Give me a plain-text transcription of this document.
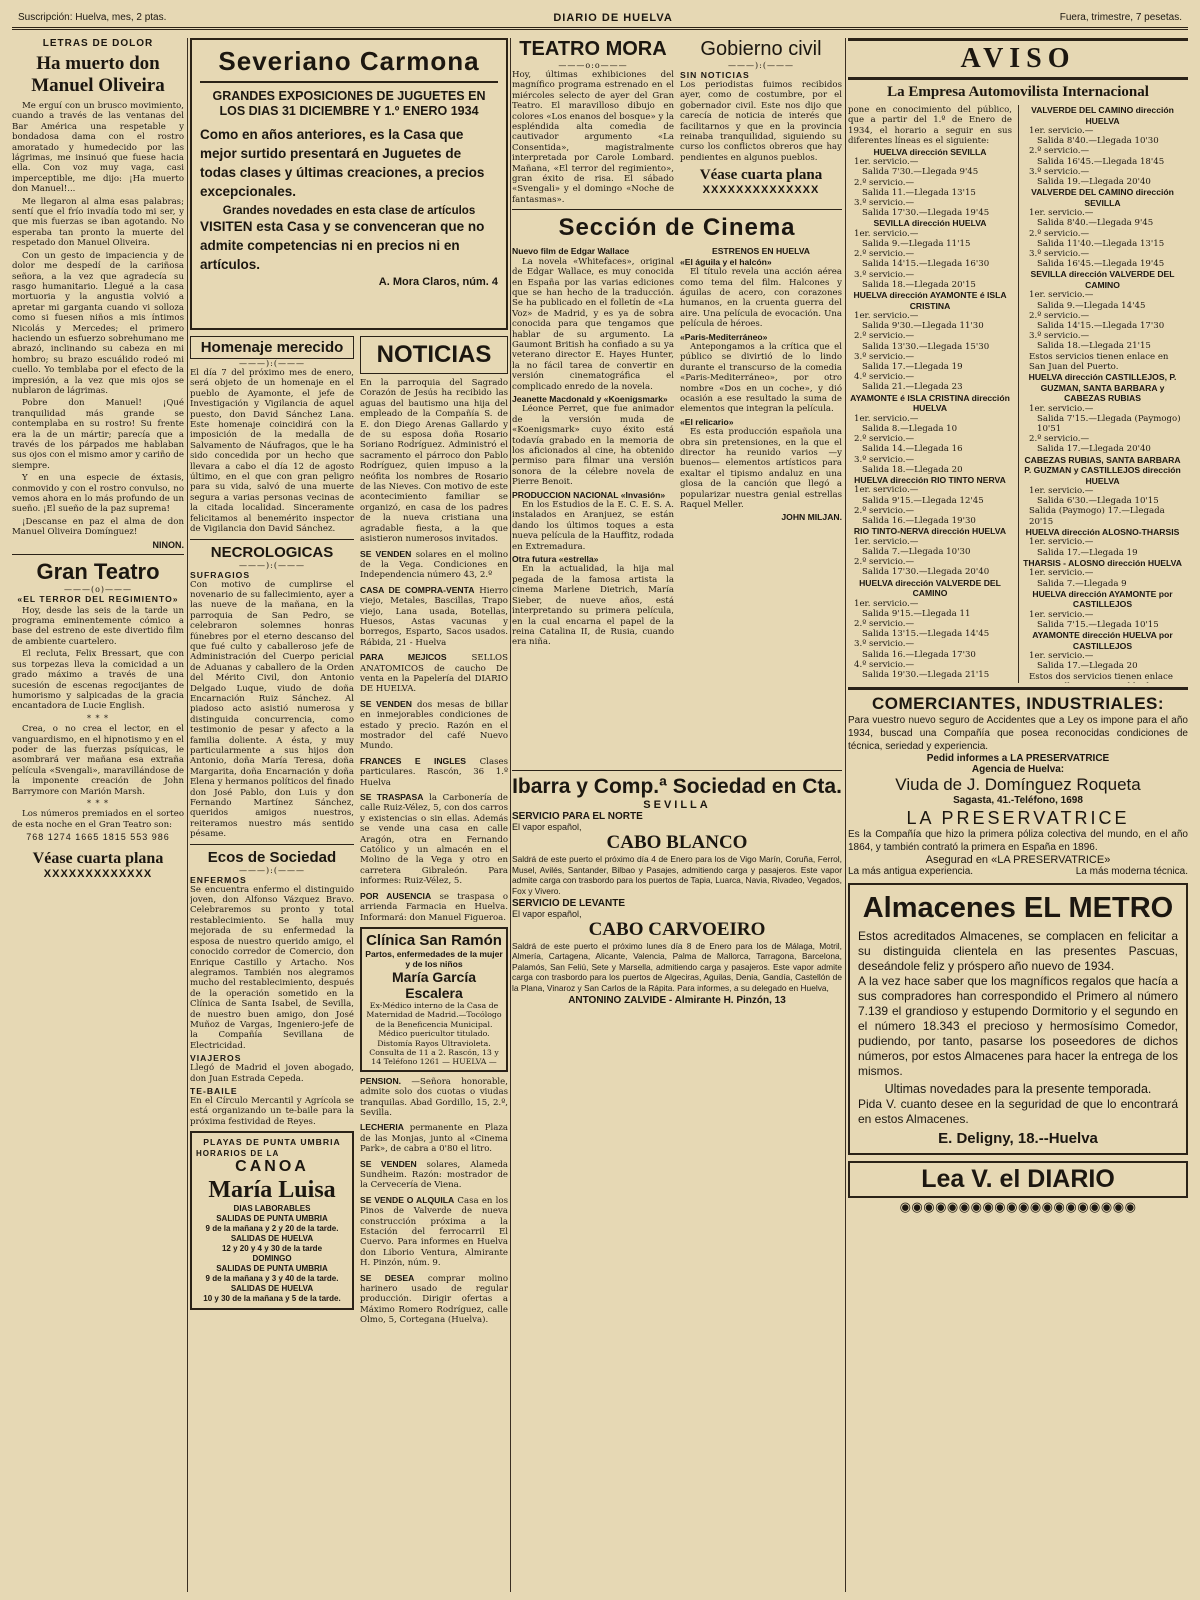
Suscripción: Huelva, mes, 2 ptas.	DIARIO DE HUELVA	Fuera, trimestre, 7 pesetas.
LETRAS DE DOLOR
Ha muerto don Manuel Oliveira

Me erguí con un brusco movimiento, cuando a través de las ventanas del Bar América una respetable y bondadosa dama con el rostro amoratado y humedecido por las lágrimas, me insinuó que fuese hacia ella. Con voz muy vaga, casi imperceptible, me dijo: ¡Ha muerto don Manuel!...

Me llegaron al alma esas palabras; sentí que el frío invadía todo mi ser, y que mis fuerzas se iban agotando. No esperaba tan pronto la muerte del respetado don Manuel Oliveira.

Con un gesto de impaciencia y de dolor me despedí de la cariñosa señora, a la vez que agradecía su rasgo humanitario. Llegué a la casa mortuoria y la angustia volvió a apretar mi garganta cuando vi solloza como si fuesen niños a mis íntimos Nicolás y Mercedes; el primero haciendo un esfuerzo sobrehumano me abrazó, inclinando su cabeza en mi hombro; su brazo escuálido rodeó mi cuello. Yo temblaba por el efecto de la impresión, a la vez que mis ojos se nublaron de lágrimas.

Pobre don Manuel! ¡Qué tranquilidad más grande se contemplaba en su rostro! Su frente era la de un mártir; parecía que a través de los párpados me hablaban sus ojos con el mismo amor y cariño de siempre.

Y en una especie de éxtasis, conmovido y con el rostro convulso, no vemos ahora en lo más profundo de un sueño. ¡El sueño de la paz suprema!

¡Descanse en paz el alma de don Manuel Oliveira Domínguez!

NINON.
Gran Teatro
———(o)———
«EL TERROR DEL REGIMIENTO»

Hoy, desde las seis de la tarde un programa eminentemente cómico a base del estreno de este divertido film de ambiente cuartelero.

El recluta, Felix Bressart, que con sus torpezas lleva la comicidad a un grado máximo a través de una sucesión de escenas regocijantes de humorismo y salpicadas de la gracia encantadora de Lucie English.

* * *

Crea, o no crea el lector, en el vanguardismo, en el hipnotismo y en el poder de las fuerzas psíquicas, le asombrará ver mañana esa extraña película «Svengali», maravillándose de la imponente creación de John Barrymore con Marión Marsh.

* * *

Los números premiados en el sorteo de esta noche en el Gran Teatro son:

768 1274 1665 1815 553 986
Véase cuarta plana
XXXXXXXXXXXXX
Severiano Carmona
GRANDES EXPOSICIONES DE JUGUETES EN LOS DIAS 31 DICIEMBRE Y 1.º ENERO 1934
Como en años anteriores, es la Casa que mejor surtido presentará en Juguetes de todas clases y últimas creaciones, a precios excepcionales.
Grandes novedades en esta clase de artículos
VISITEN esta Casa y se convenceran que no admite competencias ni en precios ni en artículos.
A. Mora Claros, núm. 4
Homenaje merecido
———):(———
El día 7 del próximo mes de enero, será objeto de un homenaje en el pueblo de Ayamonte, el jefe de Investigación y Vigilancia de aquel puesto, don David Sánchez Lana. Este homenaje coincidirá con la imposición de la medalla de Salvamento de Náufragos, que le ha sido concedida por un hecho que llevara a cabo el día 12 de agosto último, en el que con gran peligro para su vida, salvó de una muerte segura a varias personas vecinas de la citada localidad. Sinceramente felicitamos al benemérito inspector de Vigilancia don David Sánchez.
NECROLOGICAS
———):(———
SUFRAGIOS
Con motivo de cumplirse el novenario de su fallecimiento, ayer a las nueve de la mañana, en la parroquia de San Pedro, se celebraron solemnes honras fúnebres por el eterno descanso del que fué culto y caballeroso jefe de Administración del Cuerpo pericial de Aduanas y caballero de la Orden del Mérito Civil, don Antonio Delgado Luque, viudo de doña Encarnación Ruiz Sánchez. Al piadoso acto asistió numerosa y distinguida concurrencia, como testimonio de pesar y afecto a la familia doliente. A ésta, y muy particularmente a sus hijos don Antonio, doña María Teresa, doña Margarita, doña Encarnación y doña Elena y hermanos políticos del finado don José Pablo, don Luis y don Fernando Martínez Sánchez, queridos amigos nuestros, reiteramos nuestro más sentido pésame.
Ecos de Sociedad
———):(———
ENFERMOS
Se encuentra enfermo el distinguido joven, don Alfonso Vázquez Bravo. Celebraremos su pronto y total restablecimiento. Se halla muy mejorada de su enfermedad la esposa de nuestro querido amigo, el conocido corredor de Comercio, don Enrique Castillo y Artacho. Nos alegramos. También nos alegramos mucho del restablecimiento, después de la operación sometido en la Clínica de Santa Isabel, de Sevilla, de nuestro buen amigo, don José Muñoz de Vargas, Ingeniero-jefe de la Compañía Sevillana de Electricidad.
VIAJEROS
Llegó de Madrid el joven abogado, don Juan Estrada Cepeda.
TE-BAILE
En el Círculo Mercantil y Agrícola se está organizando un te-baile para la próxima festividad de Reyes.
PLAYAS DE PUNTA UMBRIA
HORARIOS DE LA
CANOA
María Luisa
DIAS LABORABLES
SALIDAS DE PUNTA UMBRIA
9 de la mañana y 2 y 20 de la tarde.
SALIDAS DE HUELVA
12 y 20 y 4 y 30 de la tarde
DOMINGO
SALIDAS DE PUNTA UMBRIA
9 de la mañana y 3 y 40 de la tarde.
SALIDAS DE HUELVA
10 y 30 de la mañana y 5 de la tarde.
NOTICIAS
En la parroquia del Sagrado Corazón de Jesús ha recibido las aguas del bautismo una hija del empleado de la Compañía S. de E. don Diego Arenas Gallardo y de su esposa doña Rosario Soriano Rodríguez. Administró el sacramento el párroco don Pablo Rodríguez, quien impuso a la neófita los nombres de Rosario de las Nieves. Con motivo de este acontecimiento familiar se organizó, en casa de los padres de la nueva cristiana una agradable fiesta, a la que asistieron numerosos invitados.
SE VENDEN solares en el molino de la Vega. Condiciones en Independencia número 43, 2.º
CASA DE COMPRA-VENTA Hierro viejo, Metales, Bascillas, Trapo viejo, Lana usada, Botellas, Huesos, Astas vacunas y borregos, Esparto, Sacos usados. Rábida, 21 - Huelva
PARA MEJICOS	SELLOS ANATOMICOS de caucho De venta en la Papelería del DIARIO DE HUELVA.
SE VENDEN dos mesas de billar en inmejorables condiciones de estado y precio. Razón en el mostrador del café Nuevo Mundo.
FRANCES E INGLES Clases particulares. Rascón, 36 1.º Huelva
SE TRASPASA la Carbonería de calle Ruiz-Vélez, 5, con dos carros y existencias o sin ellas. Además se vende una casa en calle Aragón, otra en Fernando Católico y un almacén en el Molino de la Vega y otro en carretera Gibraleón. Para informes: Ruiz-Vélez, 5.
POR AUSENCIA se traspasa o arrienda Farmacia en Huelva. Informará: don Manuel Figueroa.
Clínica San Ramón
Partos, enfermedades de la mujer y de los niños
María García Escalera
Ex-Médico interno de la Casa de Maternidad de Madrid.—Tocólogo de la Beneficencia Municipal. Médico puericultor titulado. Distomía Rayos Ultravioleta. Consulta de 11 a 2. Rascón, 13 y 14 Teléfono 1261 — HUELVA —
PENSION. —Señora honorable, admite solo dos cuotas o viudas tranquilas. Abad Gordillo, 15, 2.º, Sevilla.
LECHERIA permanente en Plaza de las Monjas, junto al «Cinema Park», de cabra a 0'80 el litro.
SE VENDEN solares, Alameda Sundheim. Razón: mostrador de la Cervecería de Viena.
SE VENDE O ALQUILA Casa en los Pinos de Valverde de nueva construcción próxima a la Estación del ferrocarril El Cuervo. Para informes en Huelva don Liborio Ventura, Almirante H. Pinzón, núm. 9.
SE DESEA comprar molino harinero usado de regular producción. Dirigir ofertas a Máximo Romero Rodríguez, calle Olmo, 5, Cortegana (Huelva).
TEATRO MORA
———o:o———
Hoy, últimas exhibiciones del magnífico programa estrenado en el miércoles selecto de ayer del Gran Teatro. El maravilloso dibujo en colores «Los enanos del bosque» y la espléndida alta comedia de cautivador argumento «La Consentida», magistralmente interpretada por Carole Lombard. Mañana, «El terror del regimiento», gran éxito de risa. El sábado «Svengali» y el domingo «Noche de fantasmas».
Gobierno civil
———):(———
SIN NOTICIAS
Los periodistas fuimos recibidos ayer, como de costumbre, por el gobernador civil. Este nos dijo que carecía de noticia de interés que facilitarnos y que en la provincia reinaba tranquilidad, siguiendo su curso los conflictos obreros que hay pendientes en algunos pueblos.
Véase cuarta plana
XXXXXXXXXXXXXX
Sección de Cinema
Nuevo film de Edgar Wallace

La novela «Whitefaces», original de Edgar Wallace, es muy conocida en España por las varias ediciones que se han hecho de la traducción. Se ha publicado en el folletín de «La Voz» de Madrid, y es ya de sobra conocida para que tengamos que hablar de su argumento. La Gaumont British ha confiado a su ya veterano director E. Hayes Hunter, la no fácil tarea de convertir en versión cinematográfica el complicado enredo de la novela.

Jeanette Macdonald y «Koenigsmark»

Léonce Perret, que fue animador de la versión muda de «Koenigsmark» cuyo éxito está todavía grabado en la memoria de los aficionados al cine, ha obtenido permiso para filmar una versión sonora de la célebre novela de Pierre Benoit.

PRODUCCION NACIONAL «Invasión»

En los Estudios de la E. C. E. S. A. instalados en Aranjuez, se están dando los últimos toques a esta nueva película de la Hauffitz, rodada en Extremadura.

Otra futura «estrella»

En la actualidad, la hija mal pegada de la famosa artista la cinema Marlene Dietrich, María Sieber, de nueve años, está interpretando su primera película, en la cual encarna el papel de la reina Catalina II, de Rusia, cuando era niña.

ESTRENOS EN HUELVA
«El águila y el halcón»

El título revela una acción aérea como tema del film. Halcones y águilas de acero, con corazones humanos, en la cruenta guerra del aire. Una película de evocación. Una película de héroes.

«Paris-Mediterráneo»

Antepongamos a la crítica que el público se divirtió de lo lindo durante el transcurso de la comedia «Paris-Mediterráneo», por otro nombre «Dos en un coche», y dió ocasión a ese resultado la suma de elementos que integran la película.

«El relicario»

Es esta producción española una obra sin pretensiones, en la que el director ha reunido varios —y buenos— elementos artísticos para exaltar el tipismo andaluz en una glosa de la canción que llegó a popularizar nuestra genial estrellas Raquel Meller.

JOHN MILJAN.
Ibarra y Comp.ª Sociedad en Cta.
SEVILLA
SERVICIO PARA EL NORTE
El vapor español,
CABO BLANCO
Saldrá de este puerto el próximo día 4 de Enero para los de Vigo Marín, Coruña, Ferrol, Musel, Avilés, Santander, Bilbao y Pasajes, admitiendo carga y pasajeros. Este vapor admite carga con trasbordo para los puertos de Tapia, Luarca, Navia, Rivadeo, Vegados, Fox y Vivero.
SERVICIO DE LEVANTE
El vapor español,
CABO CARVOEIRO
Saldrá de este puerto el próximo lunes día 8 de Enero para los de Málaga, Motril, Almería, Cartagena, Alicante, Valencia, Palma de Mallorca, Tarragona, Barcelona, Palamós, San Feliú, Sete y Marsella, admitiendo carga y pasajeros. Este vapor admite carga con trasbordo para los puertos de Algeciras, Aguilas, Denia, Gandía, Castellón de la Plana, Vinaroz y San Carlos de la Rápita. Para informes, a su delegado en Huelva,
ANTONINO ZALVIDE - Almirante H. Pinzón, 13
AVISO
La Empresa Automovilista Internacional
pone en conocimiento del público, que a partir del 1.º de Enero de 1934, el horario a seguir en sus diferentes líneas es el siguiente:
HUELVA dirección SEVILLA
1er. servicio.—
Salida 7'30.—Llegada 9'45
2.º servicio.—
Salida 11.—Llegada 13'15
3.º servicio.—
Salida 17'30.—Llegada 19'45
SEVILLA dirección HUELVA
1er. servicio.—
Salida 9.—Llegada 11'15
2.º servicio.—
Salida 14'15.—Llegada 16'30
3.º servicio.—
Salida 18.—Llegada 20'15
HUELVA dirección AYAMONTE é ISLA CRISTINA
1er. servicio.—
Salida 9'30.—Llegada 11'30
2.º servicio.—
Salida 13'30.—Llegada 15'30
3.º servicio.—
Salida 17.—Llegada 19
4.º servicio.—
Salida 21.—Llegada 23
AYAMONTE é ISLA CRISTINA dirección HUELVA
1er. servicio.—
Salida 8.—Llegada 10
2.º servicio.—
Salida 14.—Llegada 16
3.º servicio.—
Salida 18.—Llegada 20
HUELVA dirección RIO TINTO NERVA
1er. servicio.—
Salida 9'15.—Llegada 12'45
2.º servicio.—
Salida 16.—Llegada 19'30
RIO TINTO-NERVA dirección HUELVA
1er. servicio.—
Salida 7.—Llegada 10'30
2.º servicio.—
Salida 17'30.—Llegada 20'40
HUELVA dirección VALVERDE DEL CAMINO
1er. servicio.—
Salida 9'15.—Llegada 11
2.º servicio.—
Salida 13'15.—Llegada 14'45
3.º servicio.—
Salida 16.—Llegada 17'30
4.º servicio.—
Salida 19'30.—Llegada 21'15
VALVERDE DEL CAMINO dirección HUELVA
1er. servicio.—
Salida 8'40.—Llegada 10'30
2.º servicio.—
Salida 16'45.—Llegada 18'45
3.º servicio.—
Salida 19.—Llegada 20'40
VALVERDE DEL CAMINO dirección SEVILLA
1er. servicio.—
Salida 8'40.—Llegada 9'45
2.º servicio.—
Salida 11'40.—Llegada 13'15
3.º servicio.—
Salida 16'45.—Llegada 19'45
SEVILLA dirección VALVERDE DEL CAMINO
1er. servicio.—
Salida 9.—Llegada 14'45
2.º servicio.—
Salida 14'15.—Llegada 17'30
3.º servicio.—
Salida 18.—Llegada 21'15
Estos servicios tienen enlace en San Juan del Puerto.
HUELVA dirección CASTILLEJOS, P. GUZMAN, SANTA BARBARA y CABEZAS RUBIAS
1er. servicio.—
Salida 7'15.—Llegada (Paymogo) 10'51
2.º servicio.—
Salida 17.—Llegada 20'40
CABEZAS RUBIAS, SANTA BARBARA P. GUZMAN y CASTILLEJOS dirección HUELVA
1er. servicio.—
Salida 6'30.—Llegada 10'15
Salida (Paymogo) 17.—Llegada 20'15
HUELVA dirección ALOSNO-THARSIS
1er. servicio.—
Salida 17.—Llegada 19
THARSIS - ALOSNO dirección HUELVA
1er. servicio.—
Salida 7.—Llegada 9
HUELVA dirección AYAMONTE por CASTILLEJOS
1er. servicio.—
Salida 7'15.—Llegada 10'15
AYAMONTE dirección HUELVA por CASTILLEJOS
1er. servicio.—
Salida 17.—Llegada 20
Estos dos servicios tienen enlace
COMERCIANTES, INDUSTRIALES:
Para vuestro nuevo seguro de Accidentes que a Ley os impone para el año 1934, buscad una Compañía que posea reconocidas condiciones de técnica, seriedad y experiencia.
Pedid informes a LA PRESERVATRICE
Agencia de Huelva:
Viuda de J. Domínguez Roqueta
Sagasta, 41.-Teléfono, 1698
LA PRESERVATRICE
Es la Compañía que hizo la primera póliza colectiva del mundo, en el año 1864, y también contrató la primera en España en 1896.
Asegurad en «LA PRESERVATRICE»
La más antigua experiencia.	La más moderna técnica.
Almacenes EL METRO
Estos acreditados Almacenes, se complacen en felicitar a su distinguida clientela en las presentes Pascuas, deseándole feliz y próspero año nuevo de 1934.
A la vez hace saber que los magníficos regalos que hacía a sus compradores han correspondido el Primero al número 7.139 el grandioso y estupendo Dormitorio y el segundo en el número 18.343 el precioso y hermosísimo Comedor, pudiendo, por tanto, pasarse los poseedores de dichos números, por estos Almacenes para hacer la entrega de los mismos.
Ultimas novedades para la presente temporada.
Pida V. cuanto desee en la seguridad de que lo encontrará en estos Almacenes.
E. Deligny, 18.--Huelva
Lea V. el DIARIO
◉◉◉◉◉◉◉◉◉◉◉◉◉◉◉◉◉◉◉◉
